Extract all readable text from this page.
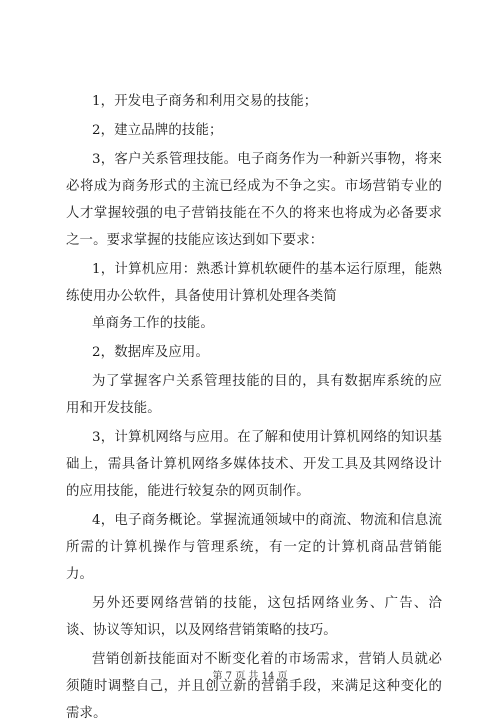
1，开发电子商务和利用交易的技能；

2，建立品牌的技能；

3，客户关系管理技能。电子商务作为一种新兴事物，将来必将成为商务形式的主流已经成为不争之实。市场营销专业的人才掌握较强的电子营销技能在不久的将来也将成为必备要求之一。要求掌握的技能应该达到如下要求：

1，计算机应用：熟悉计算机软硬件的基本运行原理，能熟练使用办公软件，具备使用计算机处理各类简

单商务工作的技能。

2，数据库及应用。

为了掌握客户关系管理技能的目的，具有数据库系统的应用和开发技能。

3，计算机网络与应用。在了解和使用计算机网络的知识基础上，需具备计算机网络多媒体技术、开发工具及其网络设计的应用技能，能进行较复杂的网页制作。

4，电子商务概论。掌握流通领域中的商流、物流和信息流所需的计算机操作与管理系统，有一定的计算机商品营销能力。

另外还要网络营销的技能，这包括网络业务、广告、洽谈、协议等知识，以及网络营销策略的技巧。

营销创新技能面对不断变化着的市场需求，营销人员就必须随时调整自己，并且创立新的营销手段，来满足这种变化的需求。

第 7 页 共 14 页
